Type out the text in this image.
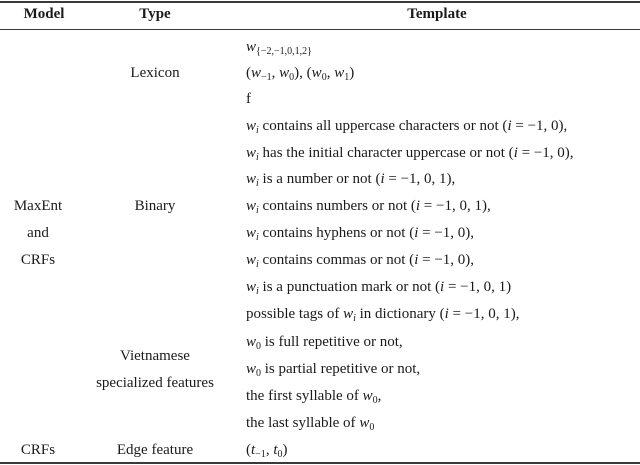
Model	Type	Template
MaxEnt
and
CRFs
CRFs
Lexicon
Binary
Vietnamese
specialized features
Edge feature
$w_{\{-2,-1,0,1,2\}}$
($w_{-1}$, $w_0$), ($w_0$, $w_1$)
f
$w_i$ contains all uppercase characters or not (i = −1, 0),
$w_i$ has the initial character uppercase or not (i = −1, 0),
$w_i$ is a number or not (i = −1, 0, 1),
$w_i$ contains numbers or not (i = −1, 0, 1),
$w_i$ contains hyphens or not (i = −1, 0),
$w_i$ contains commas or not (i = −1, 0),
$w_i$ is a punctuation mark or not (i = −1, 0, 1)
possible tags of $w_i$ in dictionary (i = −1, 0, 1),
$w_0$ is full repetitive or not,
$w_0$ is partial repetitive or not,
the first syllable of $w_0$,
the last syllable of $w_0$
($t_{-1}$, $t_0$)
